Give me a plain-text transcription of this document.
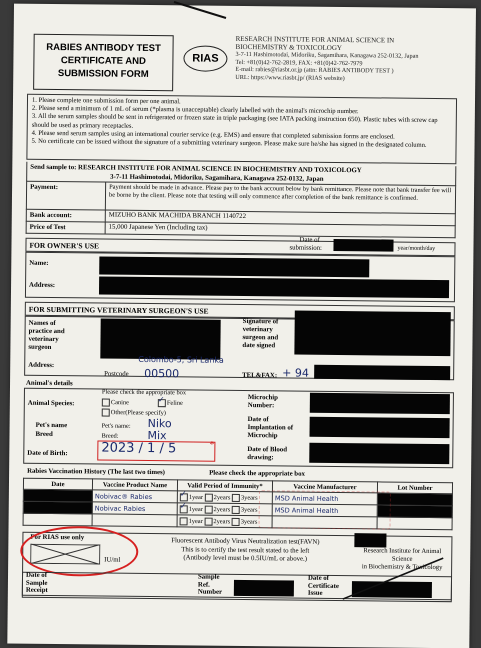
RABIES ANTIBODY TEST
CERTIFICATE AND
SUBMISSION FORM
RIAS
RESEARCH INSTITUTE FOR ANIMAL SCIENCE IN
BIOCHEMISTRY & TOXICOLOGY
3-7-11 Hashimotodai, Midoriku, Sagamihara, Kanagawa 252-0132, Japan
Tel: +81(0)42-762-2819, FAX: +81(0)42-762-7979
E-mail: rabies@riasbt.or.jp (attn: RABIES ANTIBODY TEST )
URL: https://www.riasbt.jp/ (RIAS website)
1. Please complete one submission form per one animal.
2. Please send a minimum of 1 mL of serum (*plasma is unacceptable) clearly labelled with the animal's microchip number.
3. All the serum samples should be sent in refrigerated or frozen state in triple packaging (see IATA packing instruction 650). Plastic tubes with screw cap should be used as primary receptacles.
4. Please send serum samples using an international courier service (e.g. EMS) and ensure that completed submission forms are enclosed.
5. No certificate can be issued without the signature of a submitting veterinary surgeon. Please make sure he/she has signed in the designated column.
Send sample to: RESEARCH INSTITUTE FOR ANIMAL SCIENCE IN BIOCHEMISTRY AND TOXICOLOGY
3-7-11 Hashimotodai, Midoriku, Sagamihara, Kanagawa 252-0132, Japan
Payment:	Payment should be made in advance. Please pay to the bank account below by bank remittance. Please note that bank transfer fee will be borne by the client. Please note that testing will only commence after completion of the bank remittance is confirmed.
Bank account:	MIZUHO BANK MACHIDA BRANCH 1140722
Price of Test	15,000 Japanese Yen (Including tax)
FOR OWNER'S USE
Date of
submission:	year/month/day
Name:
Address:
FOR SUBMITTING VETERINARY SURGEON'S USE
Names of
practice and
veterinary
surgeon
Signature of
veterinary
surgeon and
date signed
Address:
Colombo-5, Sri Lanka
Postcode 00500	TEL&FAX: + 94
Animal's details
Please check the appropriate box
Animal Species:	Canine ✓	Feline
Other(Please specify)
Microchip
Number:
Pet's name
Breed
Pet's name: Niko
Breed:	Mix
Date of
Implantation of
Microchip
Date of Birth:	2023 / 1 / 5	*	Date of Blood
drawing:
Rabies Vaccination History (The last two times)	Please check the appropriate box
Date	Vaccine Product Name	Valid Period of Immunity*	Vaccine Manufacturer	Lot Number
	Nobivac® Rabies	✓1year 2years 3years	MSD Animal Health	
	Nobivac Rabies	✓1year 2years 3years	MSD Animal Health	
		1year 2years 3years		
For RIAS use only
IU/ml
Fluorescent Antibody Virus Neutralization test(FAVN)
This is to certify the test result stated to the left
(Antibody level must be 0.5IU/mL or above.)
Research Institute for Animal Science
in Biochemistry & Toxicology
Date of
Sample
Receipt
Sample
Ref.
Number
Date of
Certificate
Issue
